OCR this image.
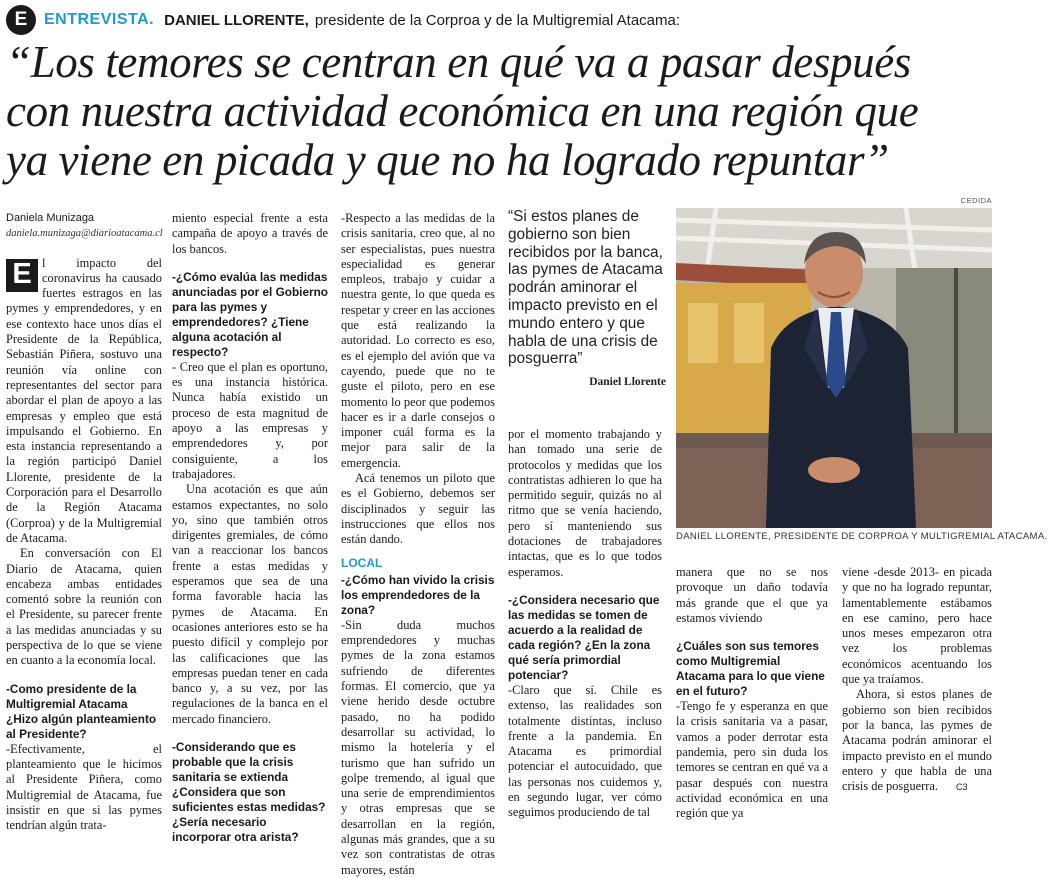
E	ENTREVISTA. DANIEL LLORENTE,
presidente de la Corproa y de la Multigremial Atacama:
“Los temores se centran en qué va a pasar después
con nuestra actividad económica en una región que
ya viene en picada y que no ha logrado repuntar”
Daniela Munizaga
daniela.munizaga@diarioatacama.cl
E l impacto del coronavirus ha causado fuertes estragos en las pymes y emprendedores, y en ese contexto hace unos días el Presidente de la República, Sebastián Piñera, sostuvo una reunión vía online con representantes del sector para abordar el plan de apoyo a las empresas y empleo que está impulsando el Gobierno. En esta instancia representando a la región participó Daniel Llorente, presidente de la Corporación para el Desarrollo de la Región Atacama (Corproa) y de la Multigremial de Atacama.

En conversación con El Diario de Atacama, quien encabeza ambas entidades comentó sobre la reunión con el Presidente, su parecer frente a las medidas anunciadas y su perspectiva de lo que se viene en cuanto a la economía local.

-Como presidente de la Multigremial Atacama ¿Hizo algún planteamiento al Presidente?

-Efectivamente, el planteamiento que le hicimos al Presidente Piñera, como Multigremial de Atacama, fue insistir en que si las pymes tendrían algún trata-

miento especial frente a esta campaña de apoyo a través de los bancos.

-¿Cómo evalúa las medidas anunciadas por el Gobierno para las pymes y emprendedores? ¿Tiene alguna acotación al respecto?

- Creo que el plan es oportuno, es una instancia histórica. Nunca había existido un proceso de esta magnitud de apoyo a las empresas y emprendedores y, por consiguiente, a los trabajadores.

Una acotación es que aún estamos expectantes, no solo yo, sino que también otros dirigentes gremiales, de cómo van a reaccionar los bancos frente a estas medidas y esperamos que sea de una forma favorable hacia las pymes de Atacama. En ocasiones anteriores esto se ha puesto difícil y complejo por las calificaciones que las empresas puedan tener en cada banco y, a su vez, por las regulaciones de la banca en el mercado financiero.

-Considerando que es probable que la crisis sanitaria se extienda ¿Considera que son suficientes estas medidas? ¿Sería necesario incorporar otra arista?

-Respecto a las medidas de la crisis sanitaria, creo que, al no ser especialistas, pues nuestra especialidad es generar empleos, trabajo y cuidar a nuestra gente, lo que queda es respetar y creer en las acciones que está realizando la autoridad. Lo correcto es eso, es el ejemplo del avión que va cayendo, puede que no te guste el piloto, pero en ese momento lo peor que podemos hacer es ir a darle consejos o imponer cuál forma es la mejor para salir de la emergencia.

Acá tenemos un piloto que es el Gobierno, debemos ser disciplinados y seguir las instrucciones que ellos nos están dando.

LOCAL

-¿Cómo han vivido la crisis los emprendedores de la zona?

-Sin duda muchos emprendedores y muchas pymes de la zona estamos sufriendo de diferentes formas. El comercio, que ya viene herido desde octubre pasado, no ha podido desarrollar su actividad, lo mismo la hotelería y el turismo que han sufrido un golpe tremendo, al igual que una serie de emprendimientos y otras empresas que se desarrollan en la región, algunas más grandes, que a su vez son contratistas de otras mayores, están

“Si estos planes de gobierno son bien recibidos por la banca, las pymes de Atacama podrán aminorar el impacto previsto en el mundo entero y que habla de una crisis de posguerra”
Daniel Llorente
CEDIDA
DANIEL LLORENTE, PRESIDENTE DE CORPROA Y MULTIGREMIAL ATACAMA.

por el momento trabajando y han tomado una serie de protocolos y medidas que los contratistas adhieren lo que ha permitido seguir, quizás no al ritmo que se venía haciendo, pero sí manteniendo sus dotaciones de trabajadores intactas, que es lo que todos esperamos.

-¿Considera necesario que las medidas se tomen de acuerdo a la realidad de cada región? ¿En la zona qué sería primordial potenciar?

-Claro que sí. Chile es extenso, las realidades son totalmente distintas, incluso frente a la pandemia. En Atacama es primordial potenciar el autocuidado, que las personas nos cuidemos y, en segundo lugar, ver cómo seguimos produciendo de tal

manera que no se nos provoque un daño todavía más grande que el que ya estamos viviendo

¿Cuáles son sus temores como Multigremial Atacama para lo que viene en el futuro?

-Tengo fe y esperanza en que la crisis sanitaria va a pasar, vamos a poder derrotar esta pandemia, pero sin duda los temores se centran en qué va a pasar después con nuestra actividad económica en una región que ya

viene -desde 2013- en picada y que no ha logrado repuntar, lamentablemente estábamos en ese camino, pero hace unos meses empezaron otra vez los problemas económicos acentuando los que ya traíamos.

Ahora, si estos planes de gobierno son bien recibidos por la banca, las pymes de Atacama podrán aminorar el impacto previsto en el mundo entero y que habla de una crisis de posguerra. C3
